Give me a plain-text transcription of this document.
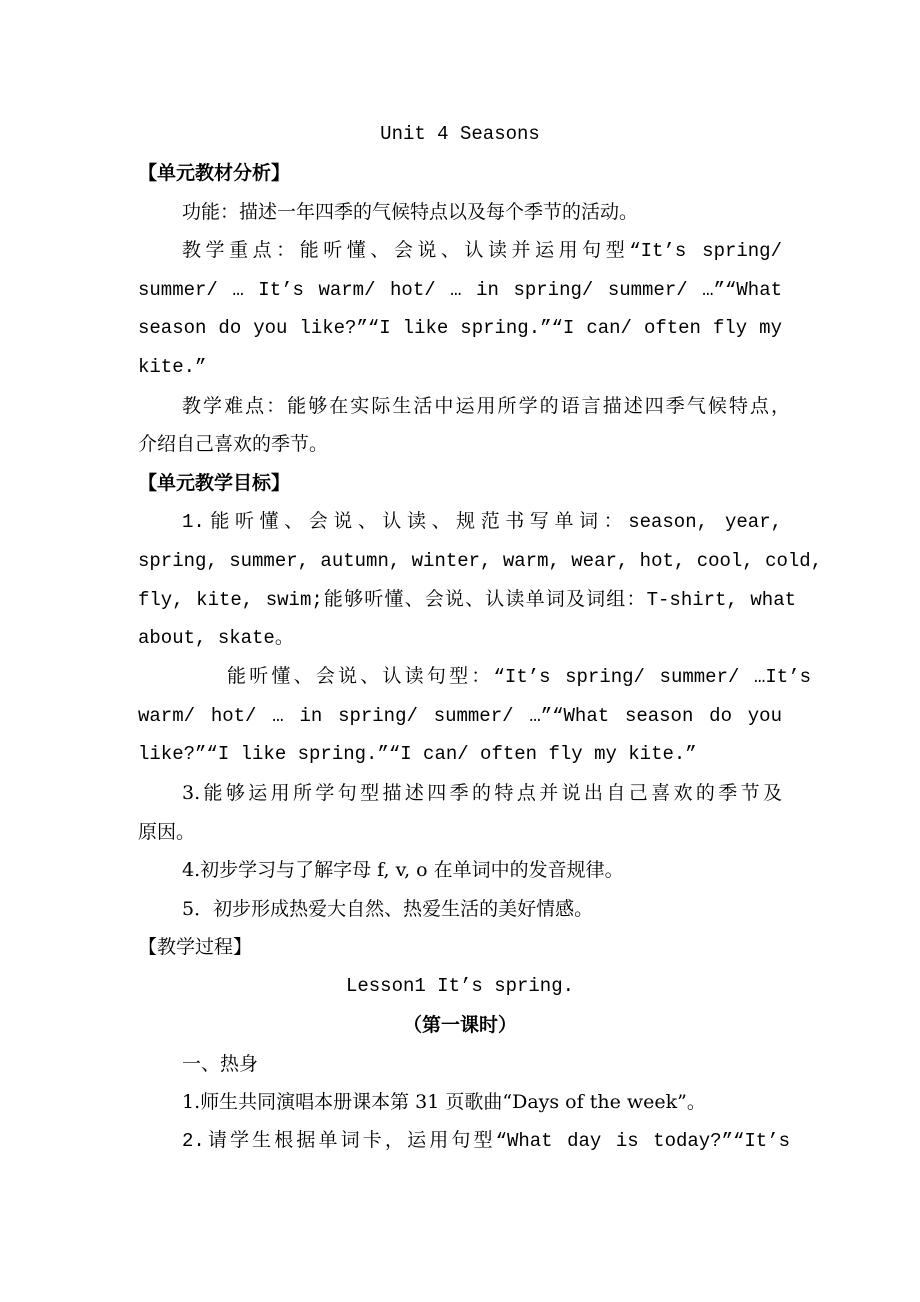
Unit 4 Seasons

【单元教材分析】

功能：描述一年四季的气候特点以及每个季节的活动。

教学重点：能听懂、会说、认读并运用句型“It’s spring/

summer/ … It’s warm/ hot/ … in spring/ summer/ …”“What

season do you like?”“I like spring.”“I can/ often fly my

kite.”

教学难点：能够在实际生活中运用所学的语言描述四季气候特点，

介绍自己喜欢的季节。

【单元教学目标】

1.能听懂、会说、认读、规范书写单词：season, year,

spring, summer, autumn, winter, warm, wear, hot, cool, cold,

fly, kite, swim;能够听懂、会说、认读单词及词组：T-shirt, what

about, skate。

能听懂、会说、认读句型：“It’s spring/ summer/ …It’s

warm/ hot/ … in spring/ summer/ …”“What season do you

like?”“I like spring.”“I can/ often fly my kite.”

3.能够运用所学句型描述四季的特点并说出自己喜欢的季节及

原因。

4.初步学习与了解字母 f, v, o 在单词中的发音规律。

5．初步形成热爱大自然、热爱生活的美好情感。

【教学过程】

Lesson1 It’s spring.

（第一课时）

一、热身

1.师生共同演唱本册课本第 31 页歌曲“Days of the week”。

2.请学生根据单词卡，运用句型“What day is today?”“It’s
